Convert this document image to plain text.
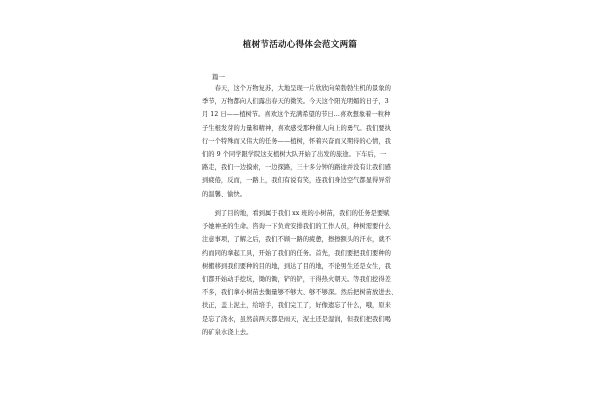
植树节活动心得体会范文两篇

篇一

　　春天，这个万物复苏，大地呈现一片欣欣向荣勃勃生机的景象的
季节，万物都向人们露出春天的微笑。今天这个阳光明媚的日子，3
月 12 日——植树节。喜欢这个充满希望的节日…喜欢想象着一粒种
子生根发芽的力量和精神，喜欢感受那种催人向上的勇气。我们要执
行一个特殊而又伟大的任务——植树，怀着兴奋而又期待的心情，我
们的 9 个同学跟学院这支植树大队开始了出发的旅途。下车后，一
路走，我们一边摸索，一边探路，三十多分钟的路途并没有让我们感
到疲倦，反而，一路上，我们有说有笑，连我们身边空气都显得异常
的温馨、愉快。
　　到了目的地，看到属于我们 xx 班的小树苗，我们的任务是要赋
予她神圣的生命。咨询一下负责安排我们的工作人员，种树需要什么
注意事项，了解之后，我们不顾一路的疲惫，擦擦额头的汗水，就不
约而同的拿起工具，开始了我们的任务。首先，我们要把我们要种的
树搬移到我们要种的目的地，到达了目的地，不论男生还是女生，我
们都开始动手挖坑，锄的锄，铲的铲，干得热火朝天。等我们挖得差
不多，我们拿小树苗去衡量够不够大、够不够深。然后把树苗放进去、
扶正，盖上泥土，给培手，我们完工了，好像遗忘了什么，哦，原来
是忘了浇水，虽然前两天都是雨天，泥土还是湿润，但我们把我们喝
的矿泉水浇上去。
